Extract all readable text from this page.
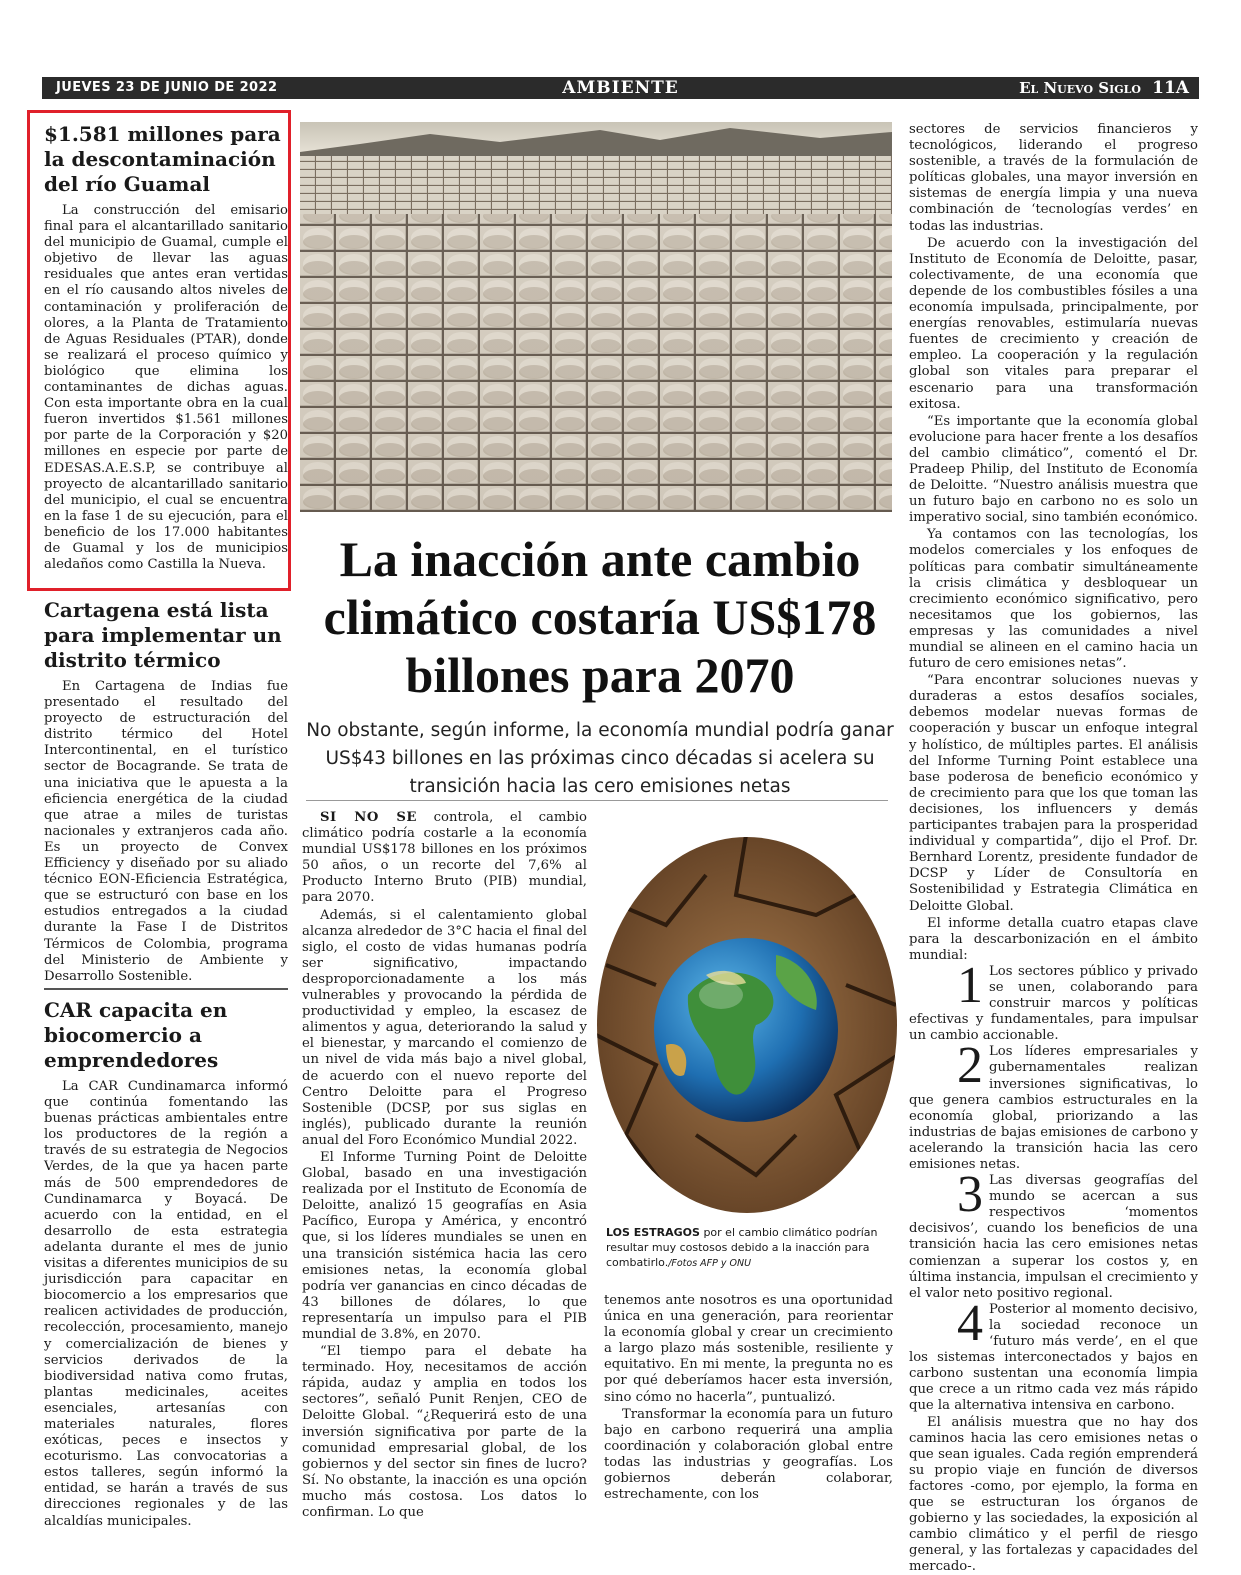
JUEVES 23 DE JUNIO DE 2022	AMBIENTE	El Nuevo Siglo 11A
$1.581 millones para la descontaminación del río Guamal

La construcción del emisario final para el alcantarillado sanitario del municipio de Guamal, cumple el objetivo de llevar las aguas residuales que antes eran vertidas en el río causando altos niveles de contaminación y proliferación de olores, a la Planta de Tratamiento de Aguas Residuales (PTAR), donde se realizará el proceso químico y biológico que elimina los contaminantes de dichas aguas. Con esta importante obra en la cual fueron invertidos $1.561 millones por parte de la Corporación y $20 millones en especie por parte de EDESAS.A.E.S.P, se contribuye al proyecto de alcantarillado sanitario del municipio, el cual se encuentra en la fase 1 de su ejecución, para el beneficio de los 17.000 habitantes de Guamal y los de municipios aledaños como Castilla la Nueva.

Cartagena está lista para implementar un distrito térmico

En Cartagena de Indias fue presentado el resultado del proyecto de estructuración del distrito térmico del Hotel Intercontinental, en el turístico sector de Bocagrande. Se trata de una iniciativa que le apuesta a la eficiencia energética de la ciudad que atrae a miles de turistas nacionales y extranjeros cada año. Es un proyecto de Convex Efficiency y diseñado por su aliado técnico EON-Eficiencia Estratégica, que se estructuró con base en los estudios entregados a la ciudad durante la Fase I de Distritos Térmicos de Colombia, programa del Ministerio de Ambiente y Desarrollo Sostenible.

CAR capacita en biocomercio a emprendedores

La CAR Cundinamarca informó que continúa fomentando las buenas prácticas ambientales entre los productores de la región a través de su estrategia de Negocios Verdes, de la que ya hacen parte más de 500 emprendedores de Cundinamarca y Boyacá. De acuerdo con la entidad, en el desarrollo de esta estrategia adelanta durante el mes de junio visitas a diferentes municipios de su jurisdicción para capacitar en biocomercio a los empresarios que realicen actividades de producción, recolección, procesamiento, manejo y comercialización de bienes y servicios derivados de la biodiversidad nativa como frutas, plantas medicinales, aceites esenciales, artesanías con materiales naturales, flores exóticas, peces e insectos y ecoturismo. Las convocatorias a estos talleres, según informó la entidad, se harán a través de sus direcciones regionales y de las alcaldías municipales.

La inacción ante cambio climático costaría US$178 billones para 2070
No obstante, según informe, la economía mundial podría ganar US$43 billones en las próximas cinco décadas si acelera su transición hacia las cero emisiones netas

SI NO SE controla, el cambio climático podría costarle a la economía mundial US$178 billones en los próximos 50 años, o un recorte del 7,6% al Producto Interno Bruto (PIB) mundial, para 2070.

Además, si el calentamiento global alcanza alrededor de 3°C hacia el final del siglo, el costo de vidas humanas podría ser significativo, impactando desproporcionadamente a los más vulnerables y provocando la pérdida de productividad y empleo, la escasez de alimentos y agua, deteriorando la salud y el bienestar, y marcando el comienzo de un nivel de vida más bajo a nivel global, de acuerdo con el nuevo reporte del Centro Deloitte para el Progreso Sostenible (DCSP, por sus siglas en inglés), publicado durante la reunión anual del Foro Económico Mundial 2022.

El Informe Turning Point de Deloitte Global, basado en una investigación realizada por el Instituto de Economía de Deloitte, analizó 15 geografías en Asia Pacífico, Europa y América, y encontró que, si los líderes mundiales se unen en una transición sistémica hacia las cero emisiones netas, la economía global podría ver ganancias en cinco décadas de 43 billones de dólares, lo que representaría un impulso para el PIB mundial de 3.8%, en 2070.

“El tiempo para el debate ha terminado. Hoy, necesitamos de acción rápida, audaz y amplia en todos los sectores”, señaló Punit Renjen, CEO de Deloitte Global. “¿Requerirá esto de una inversión significativa por parte de la comunidad empresarial global, de los gobiernos y del sector sin fines de lucro? Sí. No obstante, la inacción es una opción mucho más costosa. Los datos lo confirman. Lo que

LOS ESTRAGOS por el cambio climático podrían resultar muy costosos debido a la inacción para combatirlo./Fotos AFP y ONU

tenemos ante nosotros es una oportunidad única en una generación, para reorientar la economía global y crear un crecimiento a largo plazo más sostenible, resiliente y equitativo. En mi mente, la pregunta no es por qué deberíamos hacer esta inversión, sino cómo no hacerla”, puntualizó.

Transformar la economía para un futuro bajo en carbono requerirá una amplia coordinación y colaboración global entre todas las industrias y geografías. Los gobiernos deberán colaborar, estrechamente, con los

sectores de servicios financieros y tecnológicos, liderando el progreso sostenible, a través de la formulación de políticas globales, una mayor inversión en sistemas de energía limpia y una nueva combinación de ‘tecnologías verdes’ en todas las industrias.

De acuerdo con la investigación del Instituto de Economía de Deloitte, pasar, colectivamente, de una economía que depende de los combustibles fósiles a una economía impulsada, principalmente, por energías renovables, estimularía nuevas fuentes de crecimiento y creación de empleo. La cooperación y la regulación global son vitales para preparar el escenario para una transformación exitosa.

“Es importante que la economía global evolucione para hacer frente a los desafíos del cambio climático”, comentó el Dr. Pradeep Philip, del Instituto de Economía de Deloitte. “Nuestro análisis muestra que un futuro bajo en carbono no es solo un imperativo social, sino también económico.

Ya contamos con las tecnologías, los modelos comerciales y los enfoques de políticas para combatir simultáneamente la crisis climática y desbloquear un crecimiento económico significativo, pero necesitamos que los gobiernos, las empresas y las comunidades a nivel mundial se alineen en el camino hacia un futuro de cero emisiones netas”.

“Para encontrar soluciones nuevas y duraderas a estos desafíos sociales, debemos modelar nuevas formas de cooperación y buscar un enfoque integral y holístico, de múltiples partes. El análisis del Informe Turning Point establece una base poderosa de beneficio económico y de crecimiento para que los que toman las decisiones, los influencers y demás participantes trabajen para la prosperidad individual y compartida”, dijo el Prof. Dr. Bernhard Lorentz, presidente fundador de DCSP y Líder de Consultoría en Sostenibilidad y Estrategia Climática en Deloitte Global.

El informe detalla cuatro etapas clave para la descarbonización en el ámbito mundial:

1 Los sectores público y privado se unen, colaborando para construir marcos y políticas efectivas y fundamentales, para impulsar un cambio accionable.

2 Los líderes empresariales y gubernamentales realizan inversiones significativas, lo que genera cambios estructurales en la economía global, priorizando a las industrias de bajas emisiones de carbono y acelerando la transición hacia las cero emisiones netas.

3 Las diversas geografías del mundo se acercan a sus respectivos ‘momentos decisivos’, cuando los beneficios de una transición hacia las cero emisiones netas comienzan a superar los costos y, en última instancia, impulsan el crecimiento y el valor neto positivo regional.

4 Posterior al momento decisivo, la sociedad reconoce un ‘futuro más verde’, en el que los sistemas interconectados y bajos en carbono sustentan una economía limpia que crece a un ritmo cada vez más rápido que la alternativa intensiva en carbono.

El análisis muestra que no hay dos caminos hacia las cero emisiones netas o que sean iguales. Cada región emprenderá su propio viaje en función de diversos factores -como, por ejemplo, la forma en que se estructuran los órganos de gobierno y las sociedades, la exposición al cambio climático y el perfil de riesgo general, y las fortalezas y capacidades del mercado-.
